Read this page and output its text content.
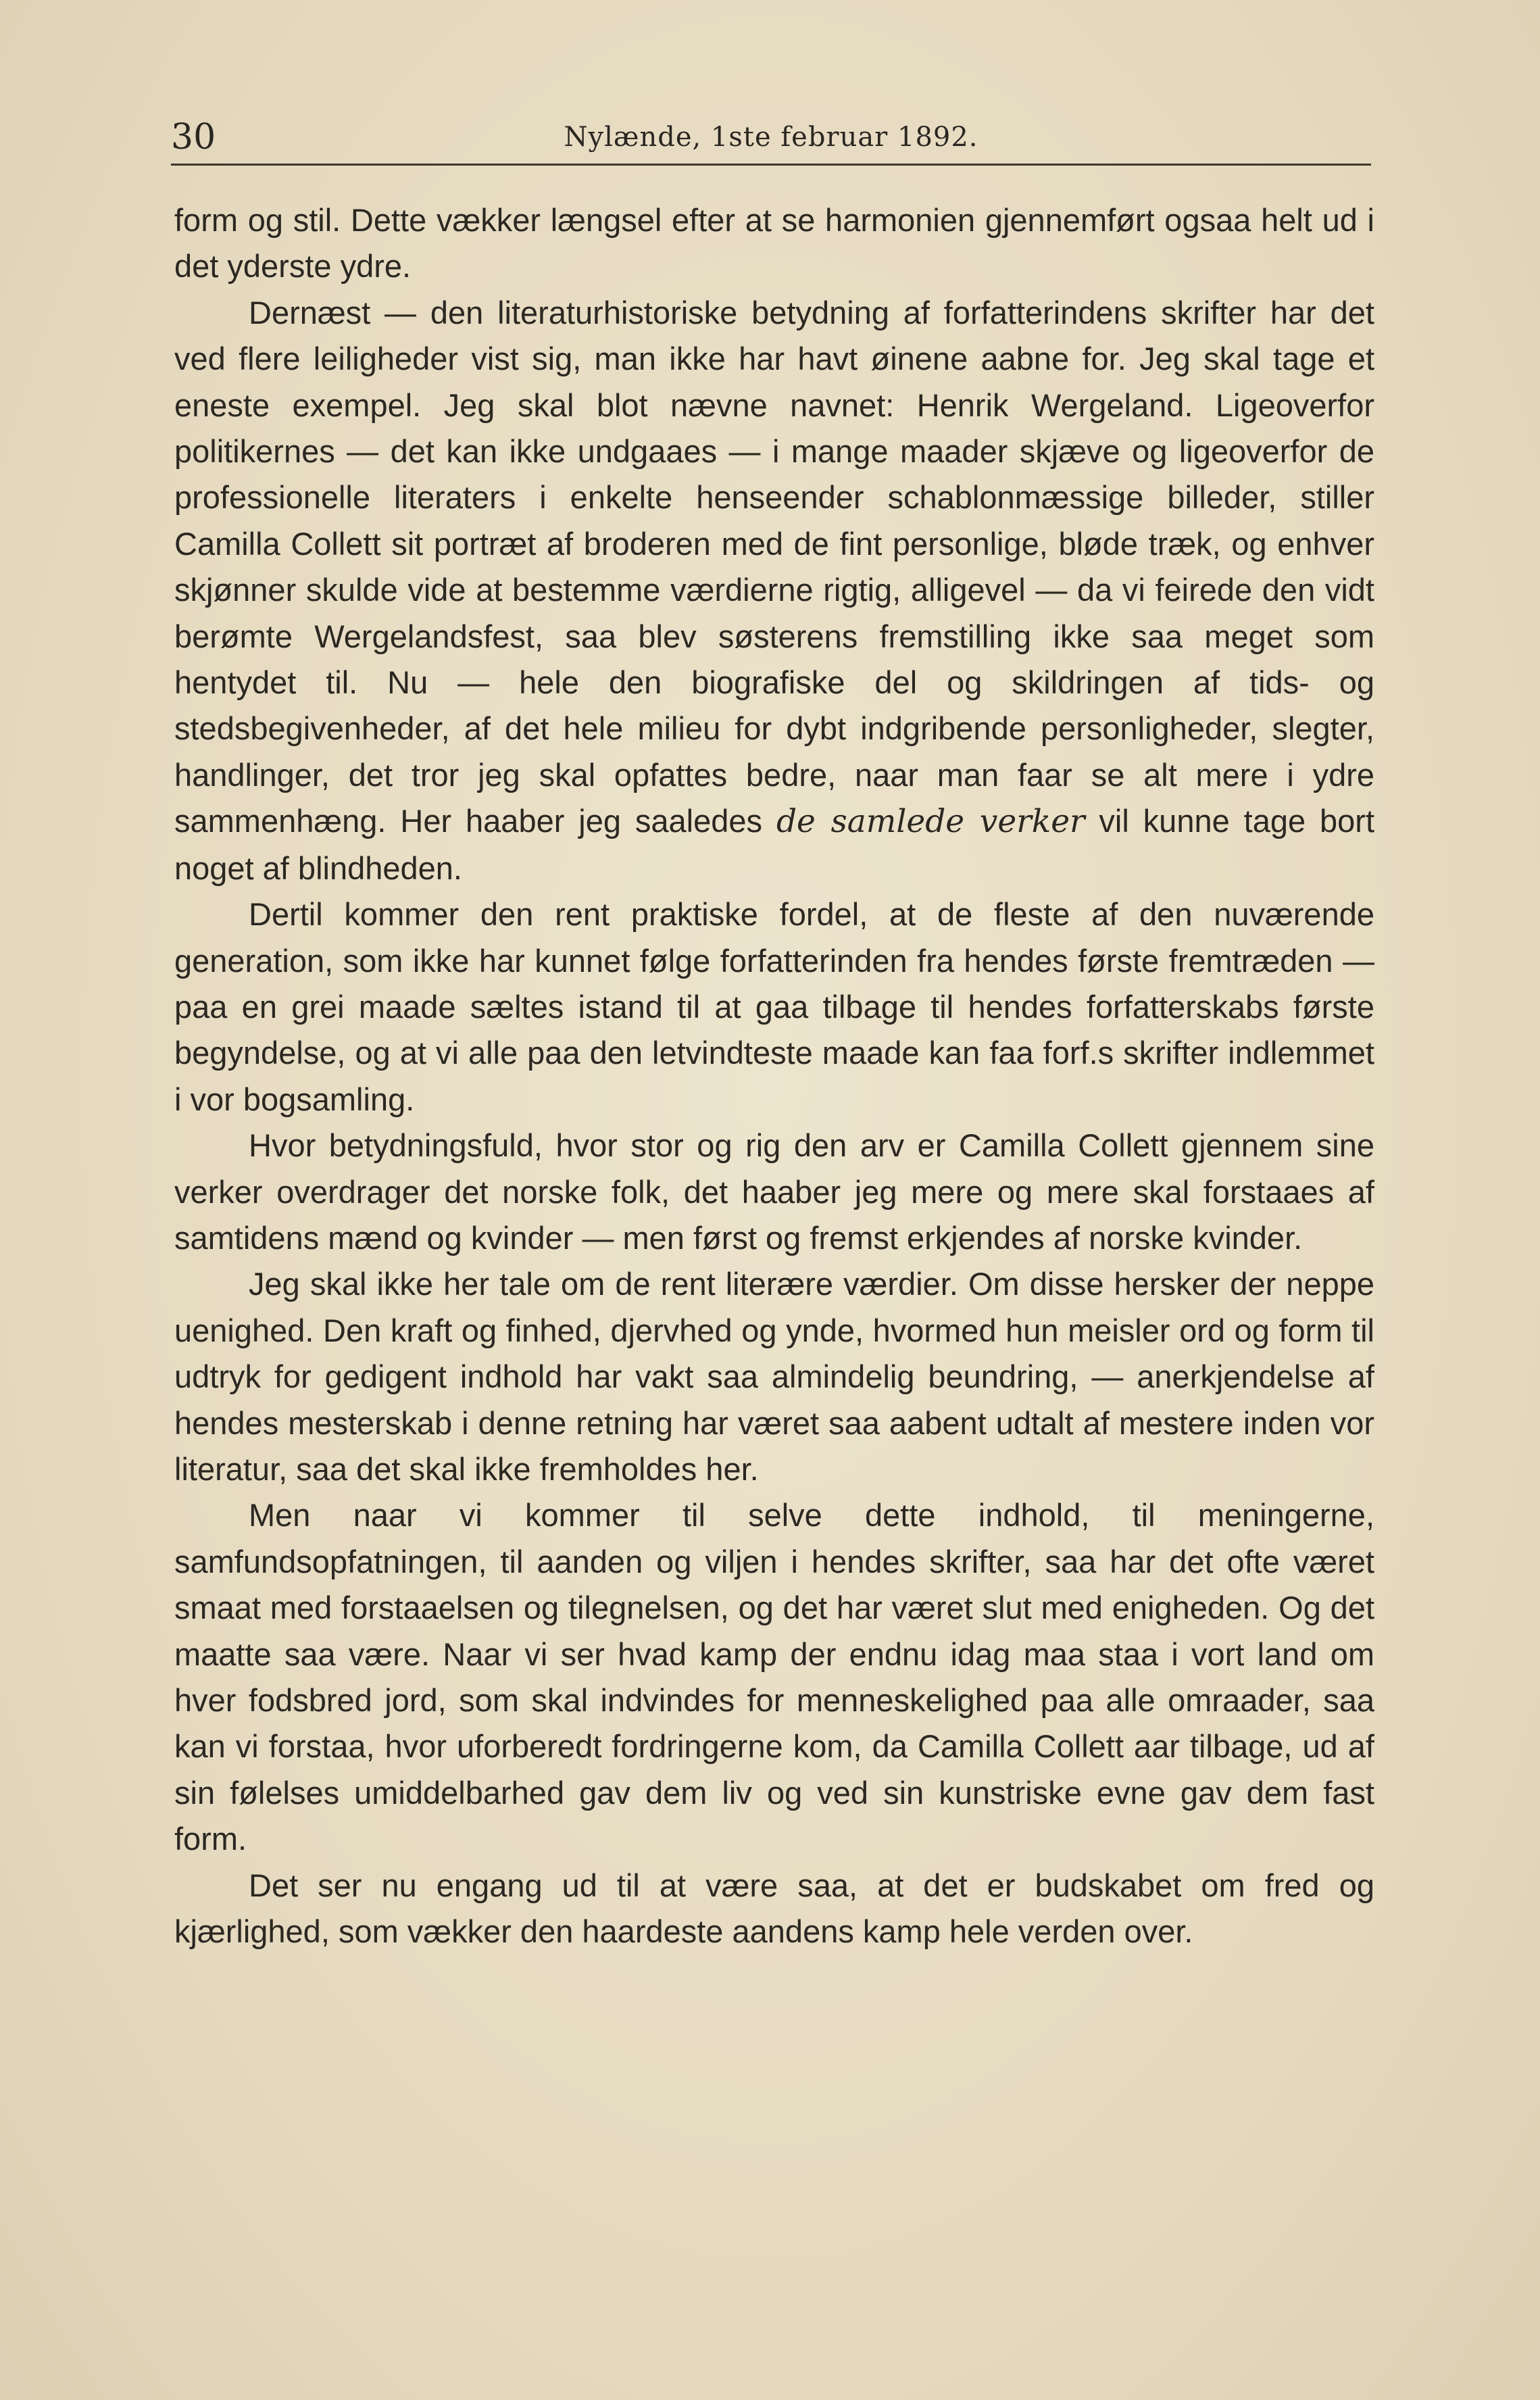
30	Nylænde, 1ste februar 1892.

form og stil. Dette vækker længsel efter at se harmonien gjennemført ogsaa helt ud i det yderste ydre.

Dernæst — den literaturhistoriske betydning af forfatterindens skrifter har det ved flere leiligheder vist sig, man ikke har havt øinene aabne for. Jeg skal tage et eneste exempel. Jeg skal blot nævne navnet: Henrik Wergeland. Ligeoverfor politikernes — det kan ikke undgaaes — i mange maader skjæve og ligeoverfor de professionelle literaters i enkelte henseender schablonmæssige billeder, stiller Camilla Collett sit portræt af broderen med de fint personlige, bløde træk, og enhver skjønner skulde vide at bestemme værdierne rigtig, alligevel — da vi feirede den vidt berømte Wergelandsfest, saa blev søsterens fremstilling ikke saa meget som hentydet til. Nu — hele den biografiske del og skildringen af tids- og stedsbegivenheder, af det hele milieu for dybt indgribende personligheder, slegter, handlinger, det tror jeg skal opfattes bedre, naar man faar se alt mere i ydre sammenhæng. Her haaber jeg saaledes de samlede verker vil kunne tage bort noget af blindheden.

Dertil kommer den rent praktiske fordel, at de fleste af den nuværende generation, som ikke har kunnet følge forfatterinden fra hendes første fremtræden — paa en grei maade sæltes istand til at gaa tilbage til hendes forfatterskabs første begyndelse, og at vi alle paa den letvindteste maade kan faa forf.s skrifter indlemmet i vor bogsamling.

Hvor betydningsfuld, hvor stor og rig den arv er Camilla Collett gjennem sine verker overdrager det norske folk, det haaber jeg mere og mere skal forstaaes af samtidens mænd og kvinder — men først og fremst erkjendes af norske kvinder.

Jeg skal ikke her tale om de rent literære værdier. Om disse hersker der neppe uenighed. Den kraft og finhed, djervhed og ynde, hvormed hun meisler ord og form til udtryk for gedigent indhold har vakt saa almindelig beundring, — anerkjendelse af hendes mesterskab i denne retning har været saa aabent udtalt af mestere inden vor literatur, saa det skal ikke fremholdes her.

Men naar vi kommer til selve dette indhold, til meningerne, samfundsopfatningen, til aanden og viljen i hendes skrifter, saa har det ofte været smaat med forstaaelsen og tilegnelsen, og det har været slut med enigheden. Og det maatte saa være. Naar vi ser hvad kamp der endnu idag maa staa i vort land om hver fodsbred jord, som skal indvindes for menneskelighed paa alle omraader, saa kan vi forstaa, hvor uforberedt fordringerne kom, da Camilla Collett aar tilbage, ud af sin følelses umiddelbarhed gav dem liv og ved sin kunstriske evne gav dem fast form.

Det ser nu engang ud til at være saa, at det er budskabet om fred og kjærlighed, som vækker den haardeste aandens kamp hele verden over.
